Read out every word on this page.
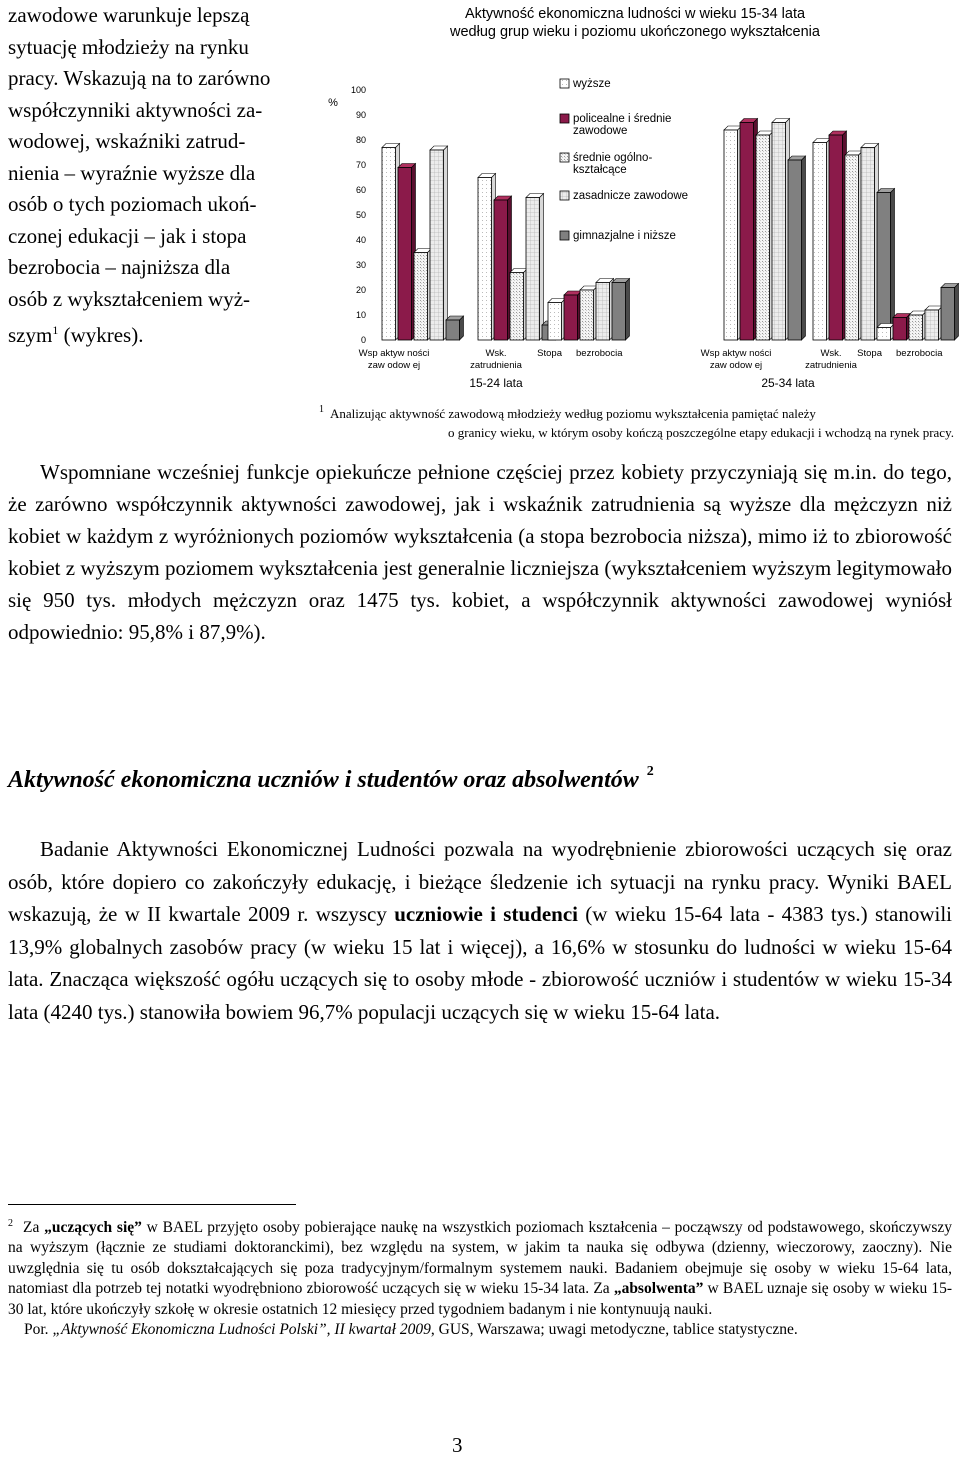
zawodowe warunkuje lepszą

sytuację młodzieży na rynku

pracy. Wskazują na to zarówno

współczynniki aktywności za-

wodowej, wskaźniki zatrud-

nienia – wyraźnie wyższe dla

osób o tych poziomach ukoń-

czonej edukacji – jak i stopa

bezrobocia – najniższa dla

osób z wykształceniem wyż-

szym$^1$ (wykres).

Aktywność ekonomiczna ludności w wieku 15-34 lata
według grup wieku i poziomu ukończonego wykształcenia
%
0
10
20
30
40
50
60
70
80
90
100
Wsp aktyw ności
zaw odow ej
Wsk.
zatrudnienia
Stopa bezrobocia	Wsp aktyw ności
zaw odow ej
Wsk.
zatrudnienia
Stopa bezrobocia
15-24 lata	25-34 lata
wyższe
policealne i średnie
zawodowe
średnie ogólno-
kształcące
zasadnicze zawodowe
gimnazjalne i niższe
1 Analizując aktywność zawodową młodzieży według poziomu wykształcenia pamiętać należy
o granicy wieku, w którym osoby kończą poszczególne etapy edukacji i wchodzą na rynek pracy.

Wspomniane wcześniej funkcje opiekuńcze pełnione częściej przez kobiety przyczyniają się m.in. do tego, że zarówno współczynnik aktywności zawodowej, jak i wskaźnik zatrudnienia są wyższe dla mężczyzn niż kobiet w każdym z wyróżnionych poziomów wykształcenia (a stopa bezrobocia niższa), mimo iż to zbiorowość kobiet z wyższym poziomem wykształcenia jest generalnie liczniejsza (wykształceniem wyższym legitymowało się 950 tys. młodych mężczyzn oraz 1475 tys. kobiet, a współczynnik aktywności zawodowej wyniósł odpowiednio: 95,8% i 87,9%).

Aktywność ekonomiczna uczniów i studentów oraz absolwentów $^2$

Badanie Aktywności Ekonomicznej Ludności pozwala na wyodrębnienie zbiorowości uczących się oraz osób, które dopiero co zakończyły edukację, i bieżące śledzenie ich sytuacji na rynku pracy. Wyniki BAEL wskazują, że w II kwartale 2009 r. wszyscy uczniowie i studenci (w wieku 15-64 lata - 4383 tys.) stanowili 13,9% globalnych zasobów pracy (w wieku 15 lat i więcej), a 16,6% w stosunku do ludności w wieku 15-64 lata. Znacząca większość ogółu uczących się to osoby młode - zbiorowość uczniów i studentów w wieku 15-34 lata (4240 tys.) stanowiła bowiem 96,7% populacji uczących się w wieku 15-64 lata.

$^2$ Za „uczących się” w BAEL przyjęto osoby pobierające naukę na wszystkich poziomach kształcenia – począwszy od podstawowego, skończywszy na wyższym (łącznie ze studiami doktoranckimi), bez względu na system, w jakim ta nauka się odbywa (dzienny, wieczorowy, zaoczny). Nie uwzględnia się tu osób dokształcających się poza tradycyjnym/formalnym systemem nauki. Badaniem obejmuje się osoby w wieku 15-64 lata, natomiast dla potrzeb tej notatki wyodrębniono zbiorowość uczących się w wieku 15-34 lata. Za „absolwenta” w BAEL uznaje się osoby w wieku 15-30 lat, które ukończyły szkołę w okresie ostatnich 12 miesięcy przed tygodniem badanym i nie kontynuują nauki.

Por. „Aktywność Ekonomiczna Ludności Polski”, II kwartał 2009, GUS, Warszawa; uwagi metodyczne, tablice statystyczne.

3
